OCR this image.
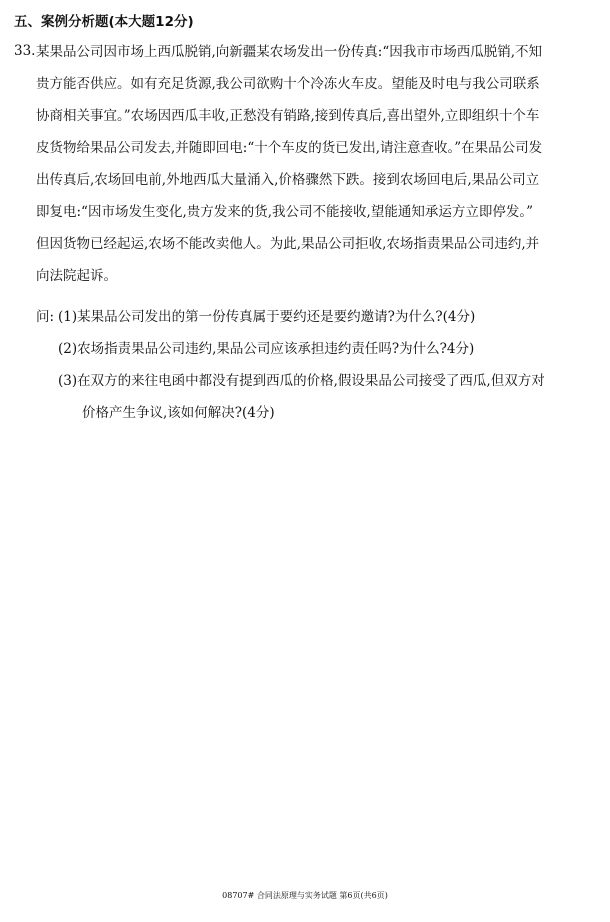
五、案例分析题(本大题12分)
33. 某果品公司因市场上西瓜脱销,向新疆某农场发出一份传真:“因我市市场西瓜脱销,不知
贵方能否供应。如有充足货源,我公司欲购十个冷冻火车皮。望能及时电与我公司联系
协商相关事宜。”农场因西瓜丰收,正愁没有销路,接到传真后,喜出望外,立即组织十个车
皮货物给果品公司发去,并随即回电:“十个车皮的货已发出,请注意查收。”在果品公司发
出传真后,农场回电前,外地西瓜大量涌入,价格骤然下跌。接到农场回电后,果品公司立
即复电:“因市场发生变化,贵方发来的货,我公司不能接收,望能通知承运方立即停发。”
但因货物已经起运,农场不能改卖他人。为此,果品公司拒收,农场指责果品公司违约,并
向法院起诉。
问: (1)某果品公司发出的第一份传真属于要约还是要约邀请?为什么?(4分)
(2)农场指责果品公司违约,果品公司应该承担违约责任吗?为什么?4分)
(3)在双方的来往电函中都没有提到西瓜的价格,假设果品公司接受了西瓜,但双方对
价格产生争议,该如何解决?(4分)
08707# 合同法原理与实务试题 第6页(共6页)
